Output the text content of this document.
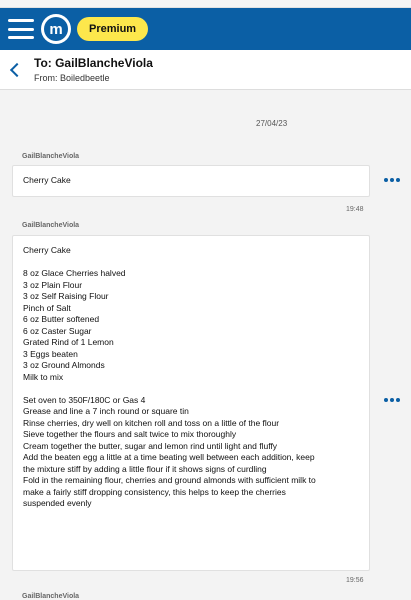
m	Premium
To: GailBlancheViola
From: Boiledbeetle
27/04/23
GailBlancheViola
Cherry Cake
19:48
GailBlancheViola
Cherry Cake
8 oz Glace Cherries halved
3 oz Plain Flour
3 oz Self Raising Flour
Pinch of Salt
6 oz Butter softened
6 oz Caster Sugar
Grated Rind of 1 Lemon
3 Eggs beaten
3 oz Ground Almonds
Milk to mix
Set oven to 350F/180C or Gas 4
Grease and line a 7 inch round or square tin
Rinse cherries, dry well on kitchen roll and toss on a little of the flour
Sieve together the flours and salt twice to mix thoroughly
Cream together the butter, sugar and lemon rind until light and fluffy
Add the beaten egg a little at a time beating well between each addition, keep
the mixture stiff by adding a little flour if it shows signs of curdling
Fold in the remaining flour, cherries and ground almonds with sufficient milk to
make a fairly stiff dropping consistency, this helps to keep the cherries
suspended evenly
19:56
GailBlancheViola
